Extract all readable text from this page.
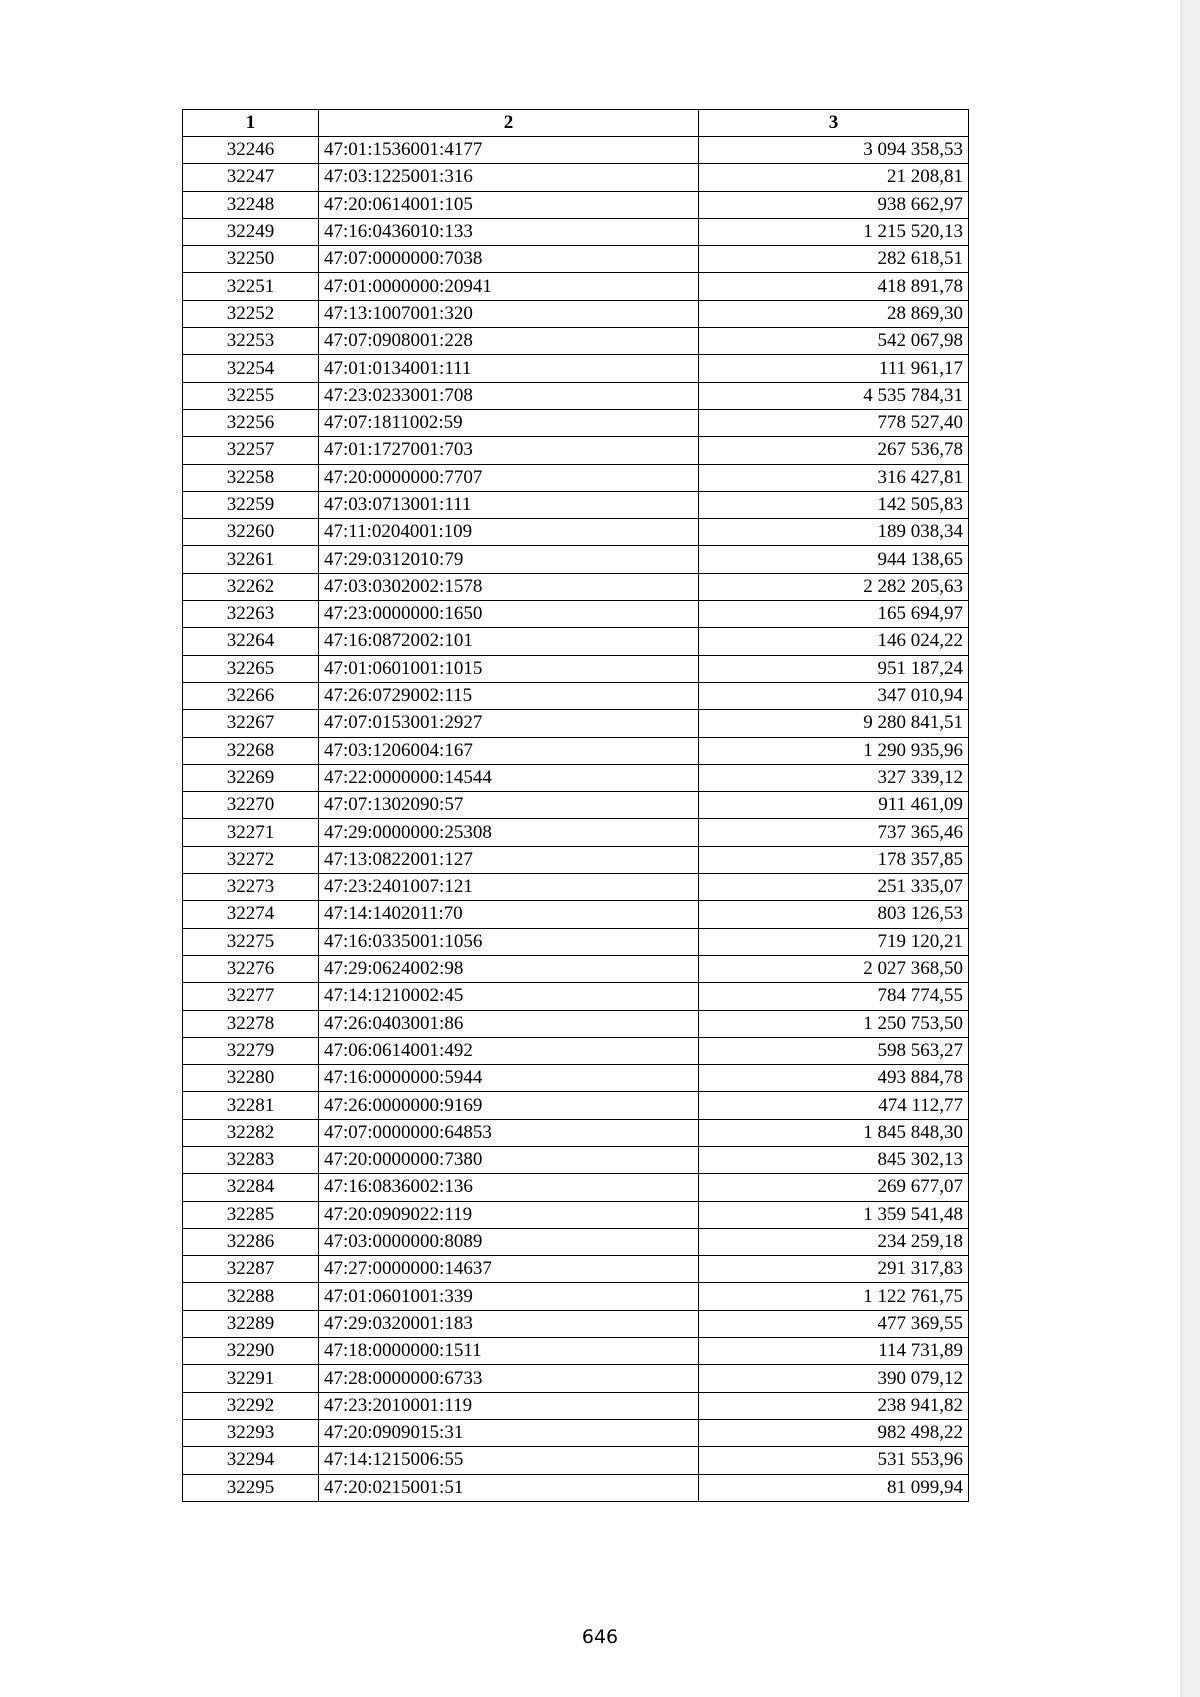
1	2	3
32246	47:01:1536001:4177	3 094 358,53
32247	47:03:1225001:316	21 208,81
32248	47:20:0614001:105	938 662,97
32249	47:16:0436010:133	1 215 520,13
32250	47:07:0000000:7038	282 618,51
32251	47:01:0000000:20941	418 891,78
32252	47:13:1007001:320	28 869,30
32253	47:07:0908001:228	542 067,98
32254	47:01:0134001:111	111 961,17
32255	47:23:0233001:708	4 535 784,31
32256	47:07:1811002:59	778 527,40
32257	47:01:1727001:703	267 536,78
32258	47:20:0000000:7707	316 427,81
32259	47:03:0713001:111	142 505,83
32260	47:11:0204001:109	189 038,34
32261	47:29:0312010:79	944 138,65
32262	47:03:0302002:1578	2 282 205,63
32263	47:23:0000000:1650	165 694,97
32264	47:16:0872002:101	146 024,22
32265	47:01:0601001:1015	951 187,24
32266	47:26:0729002:115	347 010,94
32267	47:07:0153001:2927	9 280 841,51
32268	47:03:1206004:167	1 290 935,96
32269	47:22:0000000:14544	327 339,12
32270	47:07:1302090:57	911 461,09
32271	47:29:0000000:25308	737 365,46
32272	47:13:0822001:127	178 357,85
32273	47:23:2401007:121	251 335,07
32274	47:14:1402011:70	803 126,53
32275	47:16:0335001:1056	719 120,21
32276	47:29:0624002:98	2 027 368,50
32277	47:14:1210002:45	784 774,55
32278	47:26:0403001:86	1 250 753,50
32279	47:06:0614001:492	598 563,27
32280	47:16:0000000:5944	493 884,78
32281	47:26:0000000:9169	474 112,77
32282	47:07:0000000:64853	1 845 848,30
32283	47:20:0000000:7380	845 302,13
32284	47:16:0836002:136	269 677,07
32285	47:20:0909022:119	1 359 541,48
32286	47:03:0000000:8089	234 259,18
32287	47:27:0000000:14637	291 317,83
32288	47:01:0601001:339	1 122 761,75
32289	47:29:0320001:183	477 369,55
32290	47:18:0000000:1511	114 731,89
32291	47:28:0000000:6733	390 079,12
32292	47:23:2010001:119	238 941,82
32293	47:20:0909015:31	982 498,22
32294	47:14:1215006:55	531 553,96
32295	47:20:0215001:51	81 099,94
646
